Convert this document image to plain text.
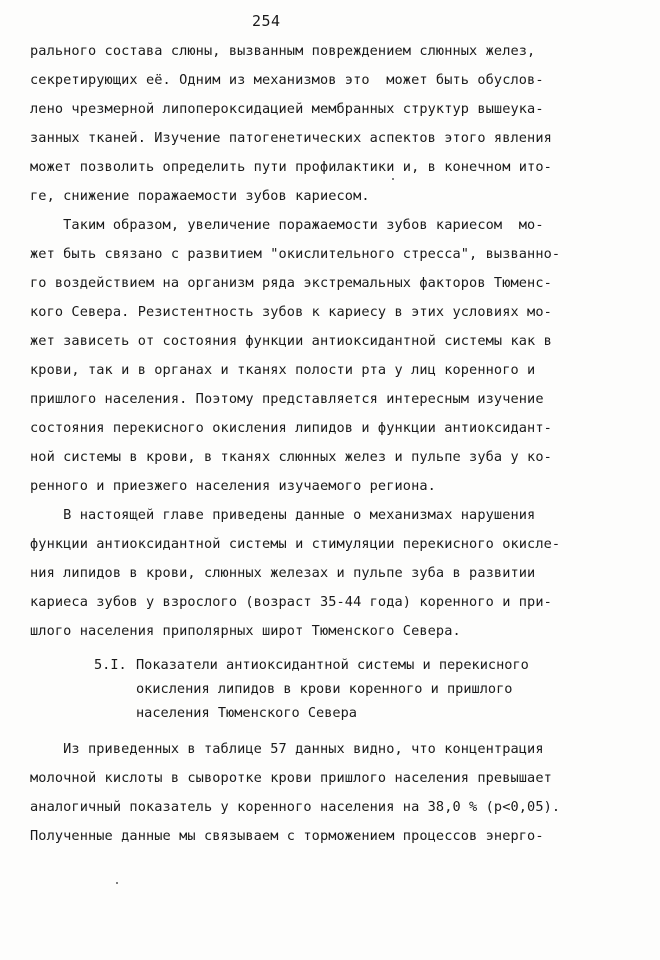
254
рального состава слюны, вызванным повреждением слюнных желез,
секретирующих её. Одним из механизмов это  может быть обуслов-
лено чрезмерной липопероксидацией мембранных структур вышеука-
занных тканей. Изучение патогенетических аспектов этого явления
может позволить определить пути профилактики и, в конечном ито-
ге, снижение поражаемости зубов кариесом.
Таким образом, увеличение поражаемости зубов кариесом  мо-
жет быть связано с развитием "окислительного стресса", вызванно-
го воздействием на организм ряда экстремальных факторов Тюменс-
кого Севера. Резистентность зубов к кариесу в этих условиях мо-
жет зависеть от состояния функции антиоксидантной системы как в
крови, так и в органах и тканях полости рта у лиц коренного и
пришлого населения. Поэтому представляется интересным изучение
состояния перекисного окисления липидов и функции антиоксидант-
ной системы в крови, в тканях слюнных желез и пульпе зуба у ко-
ренного и приезжего населения изучаемого региона.
В настоящей главе приведены данные о механизмах нарушения
функции антиоксидантной системы и стимуляции перекисного окисле-
ния липидов в крови, слюнных железах и пульпе зуба в развитии
кариеса зубов у взрослого (возраст 35-44 года) коренного и при-
шлого населения приполярных широт Тюменского Севера.
5.I. Показатели антиоксидантной системы и перекисного
окисления липидов в крови коренного и пришлого
населения Тюменского Севера
Из приведенных в таблице 57 данных видно, что концентрация
молочной кислоты в сыворотке крови пришлого населения превышает
аналогичный показатель у коренного населения на 38,0 % (р<0,05).
Полученные данные мы связываем с торможением процессов энерго-
